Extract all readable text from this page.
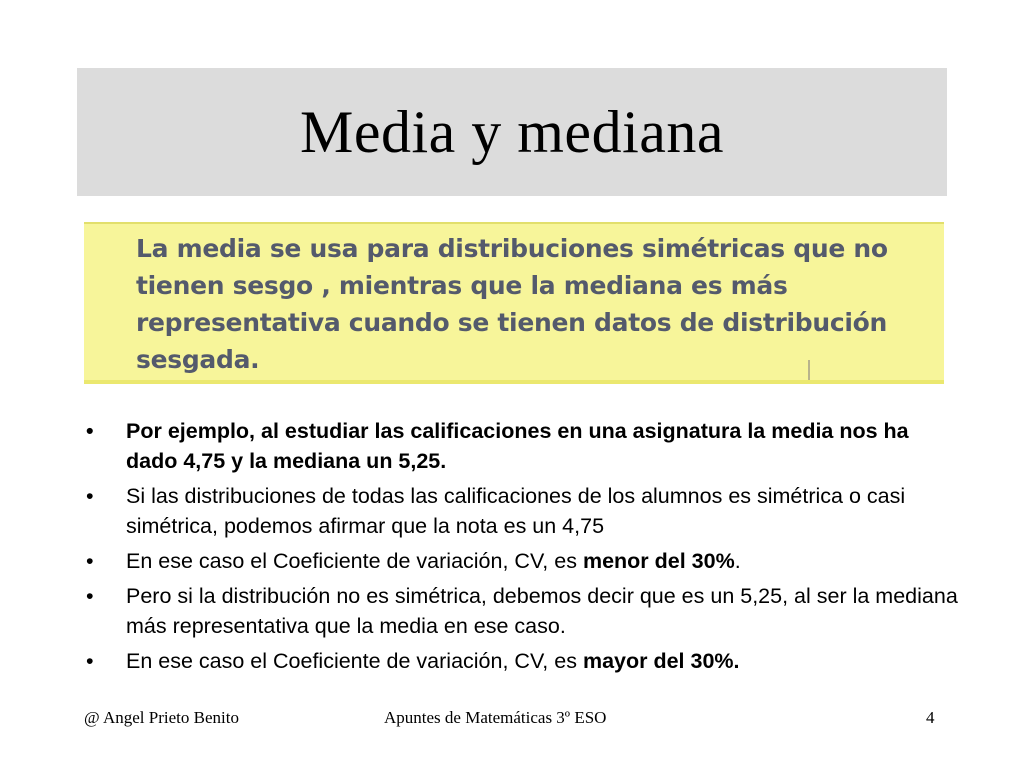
Media y mediana
La media se usa para distribuciones simétricas que no tienen sesgo , mientras que la mediana es más representativa cuando se tienen datos de distribución sesgada.
• Por ejemplo, al estudiar las calificaciones en una asignatura la media nos ha dado 4,75 y la mediana un 5,25.
• Si las distribuciones de todas las calificaciones de los alumnos es simétrica o casi simétrica, podemos afirmar que la nota es un 4,75
• En ese caso el Coeficiente de variación, CV, es menor del 30%.
• Pero si la distribución no es simétrica, debemos decir que es un 5,25, al ser la mediana más representativa que la media en ese caso.
• En ese caso el Coeficiente de variación, CV, es mayor del 30%.
@ Angel Prieto Benito	Apuntes de Matemáticas 3º ESO	4
